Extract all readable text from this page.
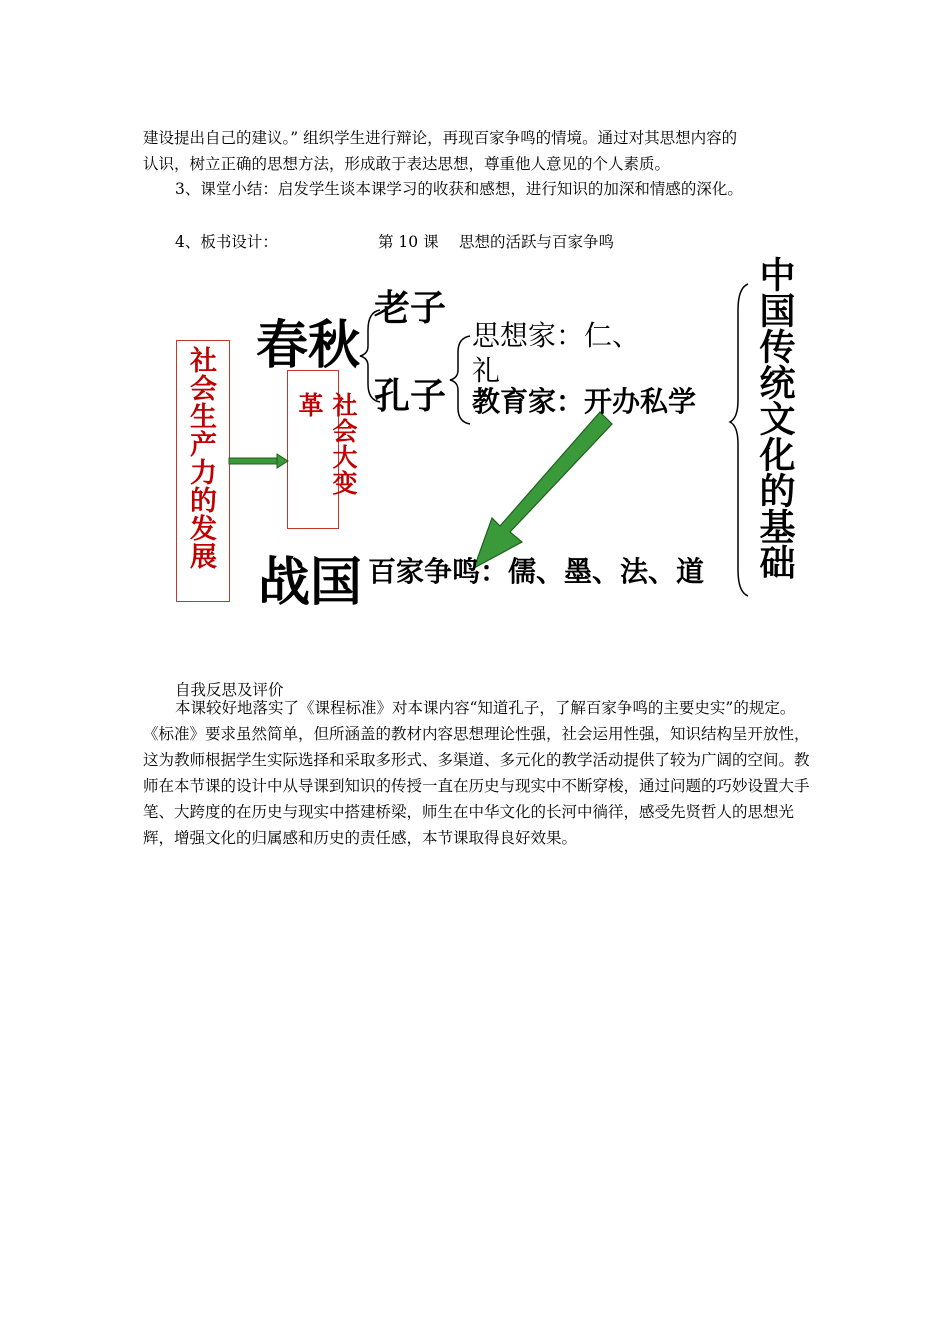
建设提出自己的建议。” 组织学生进行辩论，再现百家争鸣的情境。通过对其思想内容的
认识，树立正确的思想方法，形成敢于表达思想，尊重他人意见的个人素质。
3、课堂小结：启发学生谈本课学习的收获和感想，进行知识的加深和情感的深化。
4、板书设计：	第 10 课　 思想的活跃与百家争鸣
社会生产力的发展	革 社会大变
春秋
老子
孔子
思想家：仁、
礼
教育家：开办私学
战国 百家争鸣：儒、墨、法、道 中国传统文化的基础
自我反思及评价
本课较好地落实了《课程标准》对本课内容“知道孔子，了解百家争鸣的主要史实”的规定。《标准》要求虽然简单，但所涵盖的教材内容思想理论性强，社会运用性强，知识结构呈开放性，这为教师根据学生实际选择和采取多形式、多渠道、多元化的教学活动提供了较为广阔的空间。教师在本节课的设计中从导课到知识的传授一直在历史与现实中不断穿梭，通过问题的巧妙设置大手笔、大跨度的在历史与现实中搭建桥梁，师生在中华文化的长河中徜徉，感受先贤哲人的思想光辉，增强文化的归属感和历史的责任感，本节课取得良好效果。
